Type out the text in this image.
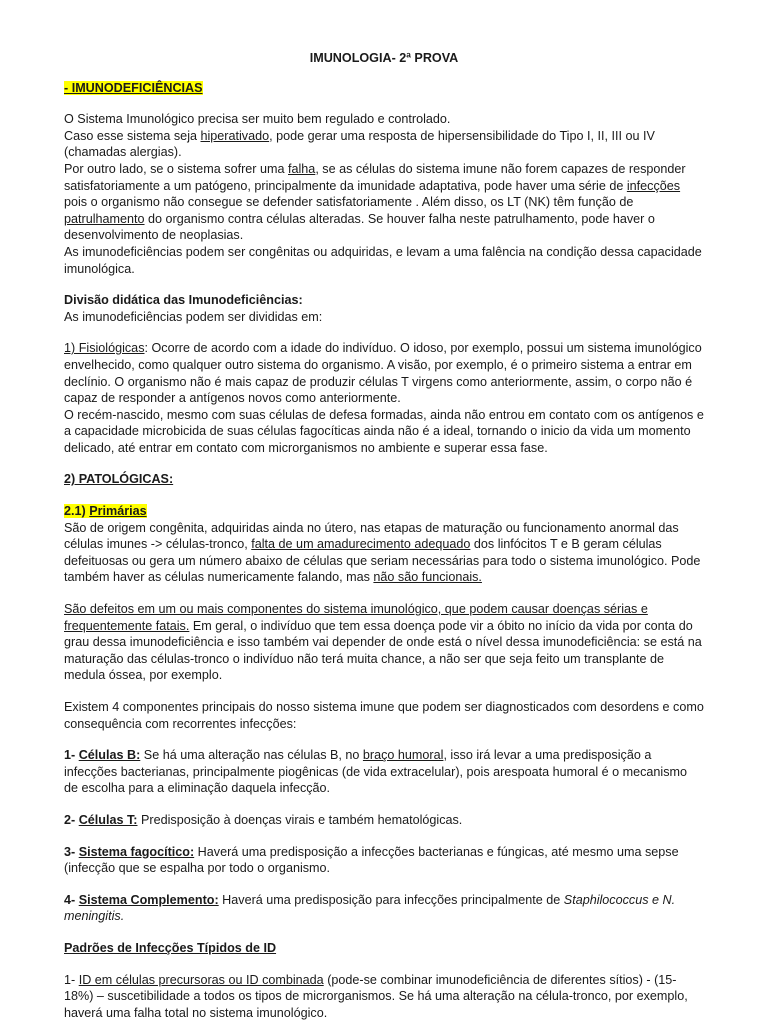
IMUNOLOGIA- 2ª PROVA

- IMUNODEFICIÊNCIAS

O Sistema Imunológico precisa ser muito bem regulado e controlado.
Caso esse sistema seja hiperativado, pode gerar uma resposta de hipersensibilidade do Tipo I, II, III ou IV (chamadas alergias).
Por outro lado, se o sistema sofrer uma falha, se as células do sistema imune não forem capazes de responder satisfatoriamente a um patógeno, principalmente da imunidade adaptativa, pode haver uma série de infecções pois o organismo não consegue se defender satisfatoriamente . Além disso, os LT (NK) têm função de patrulhamento do organismo contra células alteradas. Se houver falha neste patrulhamento, pode haver o desenvolvimento de neoplasias.
As imunodeficiências podem ser congênitas ou adquiridas, e levam a uma falência na condição dessa capacidade imunológica.

Divisão didática das Imunodeficiências:
As imunodeficiências podem ser divididas em:

1) Fisiológicas: Ocorre de acordo com a idade do indivíduo. O idoso, por exemplo, possui um sistema imunológico envelhecido, como qualquer outro sistema do organismo. A visão, por exemplo, é o primeiro sistema a entrar em declínio. O organismo não é mais capaz de produzir células T virgens como anteriormente, assim, o corpo não é capaz de responder a antígenos novos como anteriormente.
O recém-nascido, mesmo com suas células de defesa formadas, ainda não entrou em contato com os antígenos e a capacidade microbicida de suas células fagocíticas ainda não é a ideal, tornando o inicio da vida um momento delicado, até entrar em contato com microrganismos no ambiente e superar essa fase.

2) PATOLÓGICAS:

2.1) Primárias

São de origem congênita, adquiridas ainda no útero, nas etapas de maturação ou funcionamento anormal das células imunes -> células-tronco, falta de um amadurecimento adequado dos linfócitos T e B geram células defeituosas ou gera um número abaixo de células que seriam necessárias para todo o sistema imunológico. Pode também haver as células numericamente falando, mas não são funcionais.

São defeitos em um ou mais componentes do sistema imunológico, que podem causar doenças sérias e frequentemente fatais. Em geral, o indivíduo que tem essa doença pode vir a óbito no início da vida por conta do grau dessa imunodeficiência e isso também vai depender de onde está o nível dessa imunodeficiência: se está na maturação das células-tronco o indivíduo não terá muita chance, a não ser que seja feito um transplante de medula óssea, por exemplo.

Existem 4 componentes principais do nosso sistema imune que podem ser diagnosticados com desordens e como consequência com recorrentes infecções:

1- Células B: Se há uma alteração nas células B, no braço humoral, isso irá levar a uma predisposição a infecções bacterianas, principalmente piogênicas (de vida extracelular), pois arespoata humoral é o mecanismo de escolha para a eliminação daquela infecção.

2- Células T: Predisposição à doenças virais e também hematológicas.

3- Sistema fagocítico: Haverá uma predisposição a infecções bacterianas e fúngicas, até mesmo uma sepse (infecção que se espalha por todo o organismo.

4- Sistema Complemento: Haverá uma predisposição para infecções principalmente de Staphilococcus e N. meningitis.

Padrões de Infecções Típidos de ID

1- ID em células precursoras ou ID combinada (pode-se combinar imunodeficiência de diferentes sítios) - (15-18%) – suscetibilidade a todos os tipos de microrganismos. Se há uma alteração na célula-tronco, por exemplo, haverá uma falha total no sistema imunológico.
